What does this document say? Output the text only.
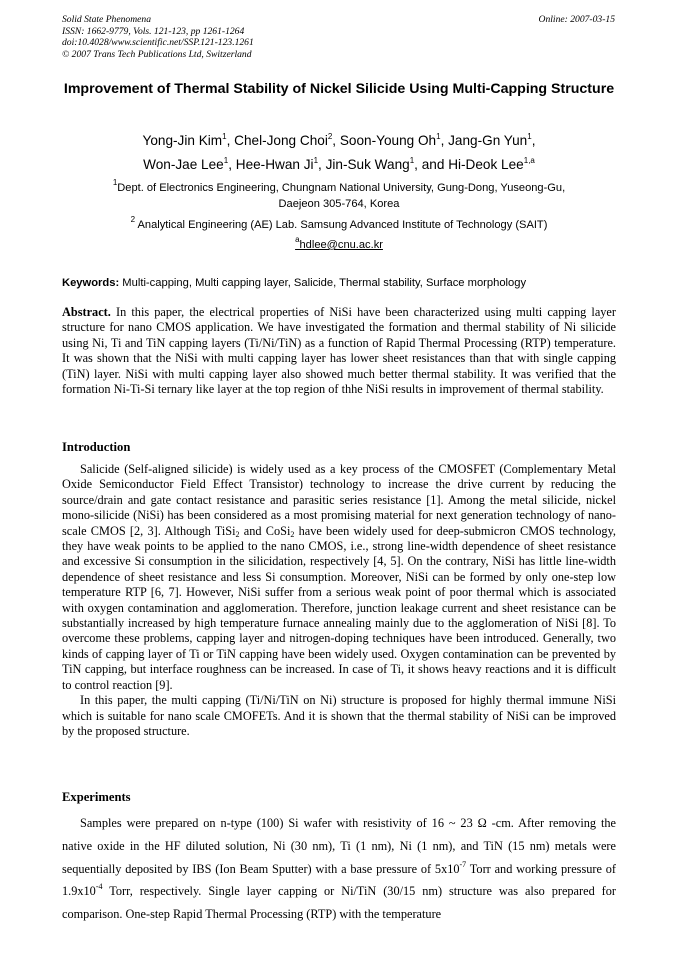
Solid State Phenomena
ISSN: 1662-9779, Vols. 121-123, pp 1261-1264
doi:10.4028/www.scientific.net/SSP.121-123.1261
© 2007 Trans Tech Publications Ltd, Switzerland
Online: 2007-03-15
Improvement of Thermal Stability of Nickel Silicide Using Multi-Capping Structure
Yong-Jin Kim$^1$, Chel-Jong Choi$^2$, Soon-Young Oh$^1$, Jang-Gn Yun$^1$,
Won-Jae Lee$^1$, Hee-Hwan Ji$^1$, Jin-Suk Wang$^1$, and Hi-Deok Lee$^{1,a}$
$^1$Dept. of Electronics Engineering, Chungnam National University, Gung-Dong, Yuseong-Gu,
Daejeon 305-764, Korea
$^2$ Analytical Engineering (AE) Lab. Samsung Advanced Institute of Technology (SAIT)
$^a$hdlee@cnu.ac.kr
Keywords: Multi-capping, Multi capping layer, Salicide, Thermal stability, Surface morphology

Abstract. In this paper, the electrical properties of NiSi have been characterized using multi capping layer structure for nano CMOS application. We have investigated the formation and thermal stability of Ni silicide using Ni, Ti and TiN capping layers (Ti/Ni/TiN) as a function of Rapid Thermal Processing (RTP) temperature. It was shown that the NiSi with multi capping layer has lower sheet resistances than that with single capping (TiN) layer. NiSi with multi capping layer also showed much better thermal stability. It was verified that the formation Ni-Ti-Si ternary like layer at the top region of thhe NiSi results in improvement of thermal stability.

Introduction

Salicide (Self-aligned silicide) is widely used as a key process of the CMOSFET (Complementary Metal Oxide Semiconductor Field Effect Transistor) technology to increase the drive current by reducing the source/drain and gate contact resistance and parasitic series resistance [1]. Among the metal silicide, nickel mono-silicide (NiSi) has been considered as a most promising material for next generation technology of nano-scale CMOS [2, 3]. Although TiSi$_2$ and CoSi$_2$ have been widely used for deep-submicron CMOS technology, they have weak points to be applied to the nano CMOS, i.e., strong line-width dependence of sheet resistance and excessive Si consumption in the silicidation, respectively [4, 5]. On the contrary, NiSi has little line-width dependence of sheet resistance and less Si consumption. Moreover, NiSi can be formed by only one-step low temperature RTP [6, 7]. However, NiSi suffer from a serious weak point of poor thermal which is associated with oxygen contamination and agglomeration. Therefore, junction leakage current and sheet resistance can be substantially increased by high temperature furnace annealing mainly due to the agglomeration of NiSi [8]. To overcome these problems, capping layer and nitrogen-doping techniques have been introduced. Generally, two kinds of capping layer of Ti or TiN capping have been widely used. Oxygen contamination can be prevented by TiN capping, but interface roughness can be increased. In case of Ti, it shows heavy reactions and it is difficult to control reaction [9].

In this paper, the multi capping (Ti/Ni/TiN on Ni) structure is proposed for highly thermal immune NiSi which is suitable for nano scale CMOFETs. And it is shown that the thermal stability of NiSi can be improved by the proposed structure.

Experiments

Samples were prepared on n-type (100) Si wafer with resistivity of 16 ~ 23 Ω -cm. After removing the native oxide in the HF diluted solution, Ni (30 nm), Ti (1 nm), Ni (1 nm), and TiN (15 nm) metals were sequentially deposited by IBS (Ion Beam Sputter) with a base pressure of $5x10^{-7}$ Torr and working pressure of $1.9x10^{-4}$ Torr, respectively. Single layer capping or Ni/TiN (30/15 nm) structure was also prepared for comparison. One-step Rapid Thermal Processing (RTP) with the temperature
